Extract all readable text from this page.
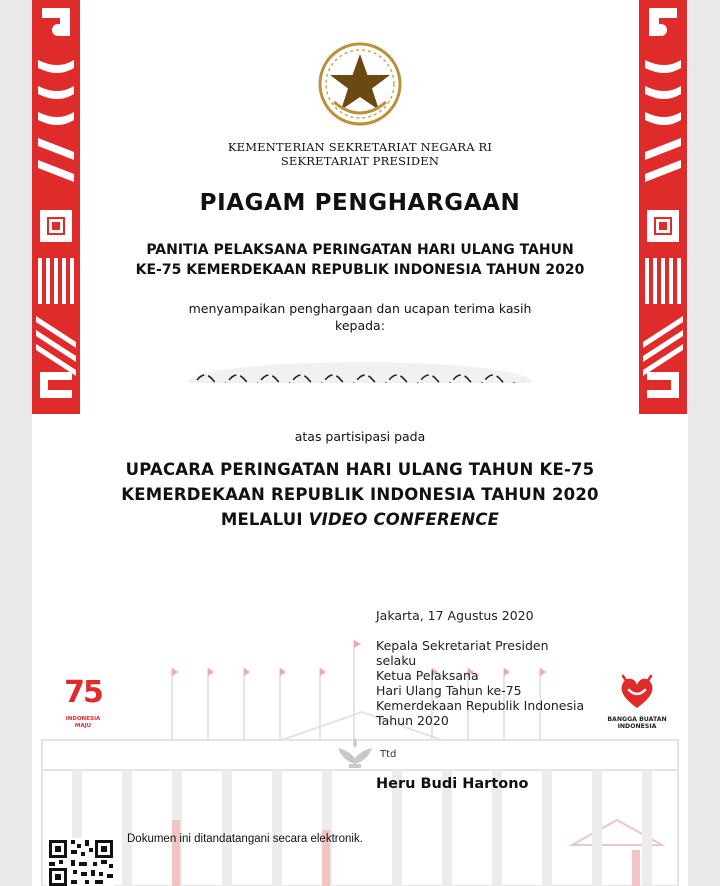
KEMENTERIAN SEKRETARIAT NEGARA RI
SEKRETARIAT PRESIDEN
PIAGAM PENGHARGAAN
PANITIA PELAKSANA PERINGATAN HARI ULANG TAHUN
KE-75 KEMERDEKAAN REPUBLIK INDONESIA TAHUN 2020
menyampaikan penghargaan dan ucapan terima kasih
kepada:
atas partisipasi pada
UPACARA PERINGATAN HARI ULANG TAHUN KE-75
KEMERDEKAAN REPUBLIK INDONESIA TAHUN 2020
MELALUI VIDEO CONFERENCE
Jakarta, 17 Agustus 2020
Kepala Sekretariat Presiden
selaku
Ketua Pelaksana
Hari Ulang Tahun ke-75
Kemerdekaan Republik Indonesia
Tahun 2020
Ttd
Heru Budi Hartono
75
INDONESIA
MAJU
BANGGA BUATAN
INDONESIA
Dokumen ini ditandatangani secara elektronik.
